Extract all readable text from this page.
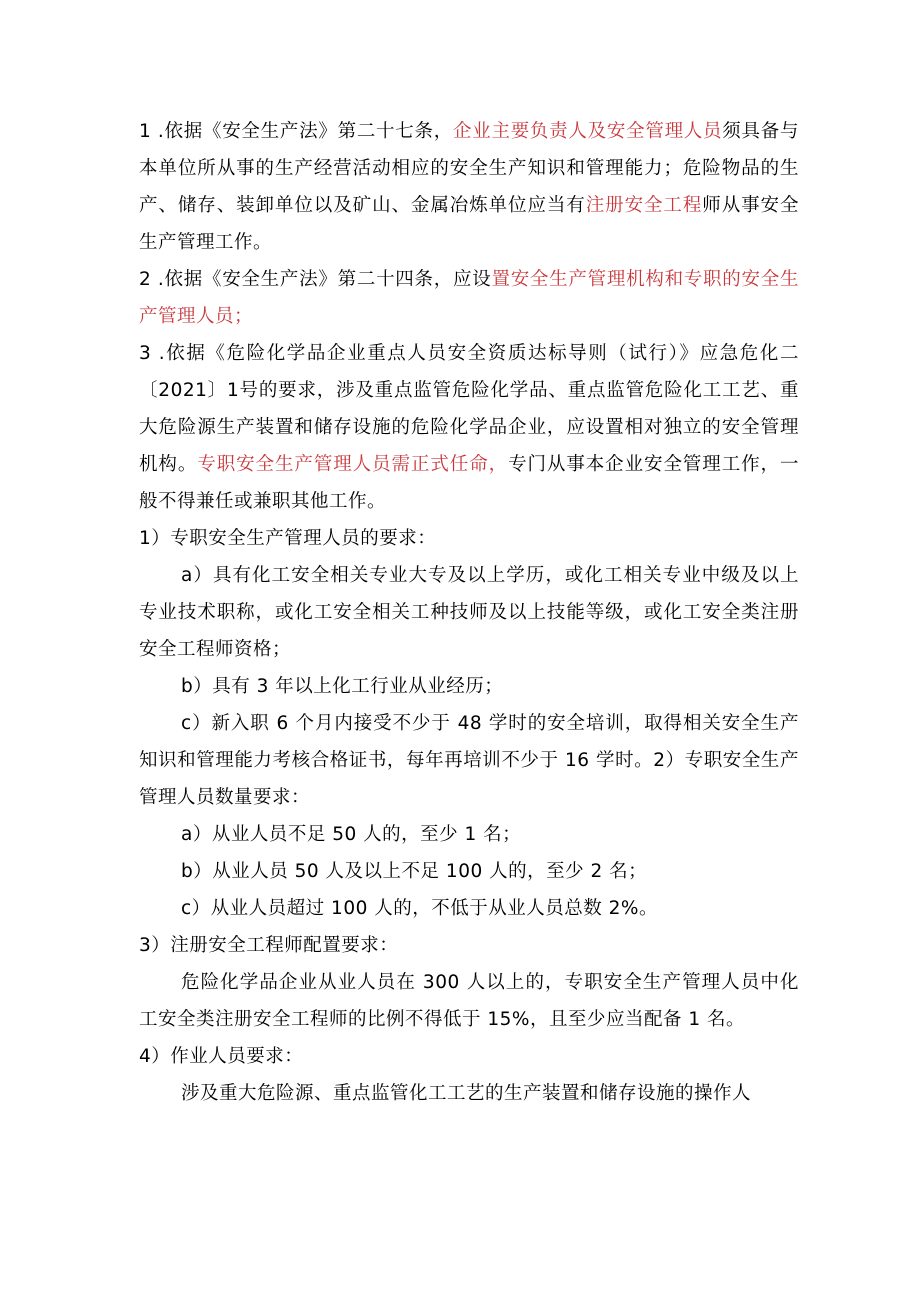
1 .依据《安全生产法》第二十七条，企业主要负责人及安全管理人员须具备与本单位所从事的生产经营活动相应的安全生产知识和管理能力；危险物品的生产、储存、装卸单位以及矿山、金属冶炼单位应当有注册安全工程师从事安全生产管理工作。

2 .依据《安全生产法》第二十四条，应设置安全生产管理机构和专职的安全生产管理人员；

3 .依据《危险化学品企业重点人员安全资质达标导则（试行）》应急危化二〔2021〕1号的要求，涉及重点监管危险化学品、重点监管危险化工工艺、重大危险源生产装置和储存设施的危险化学品企业，应设置相对独立的安全管理机构。专职安全生产管理人员需正式任命，专门从事本企业安全管理工作，一般不得兼任或兼职其他工作。

1）专职安全生产管理人员的要求：

a）具有化工安全相关专业大专及以上学历，或化工相关专业中级及以上专业技术职称，或化工安全相关工种技师及以上技能等级，或化工安全类注册安全工程师资格；

b）具有 3 年以上化工行业从业经历；

c）新入职 6 个月内接受不少于 48 学时的安全培训，取得相关安全生产知识和管理能力考核合格证书，每年再培训不少于 16 学时。2）专职安全生产管理人员数量要求：

a）从业人员不足 50 人的，至少 1 名；

b）从业人员 50 人及以上不足 100 人的，至少 2 名；

c）从业人员超过 100 人的，不低于从业人员总数 2%。

3）注册安全工程师配置要求：

危险化学品企业从业人员在 300 人以上的，专职安全生产管理人员中化工安全类注册安全工程师的比例不得低于 15%，且至少应当配备 1 名。

4）作业人员要求：

涉及重大危险源、重点监管化工工艺的生产装置和储存设施的操作人
